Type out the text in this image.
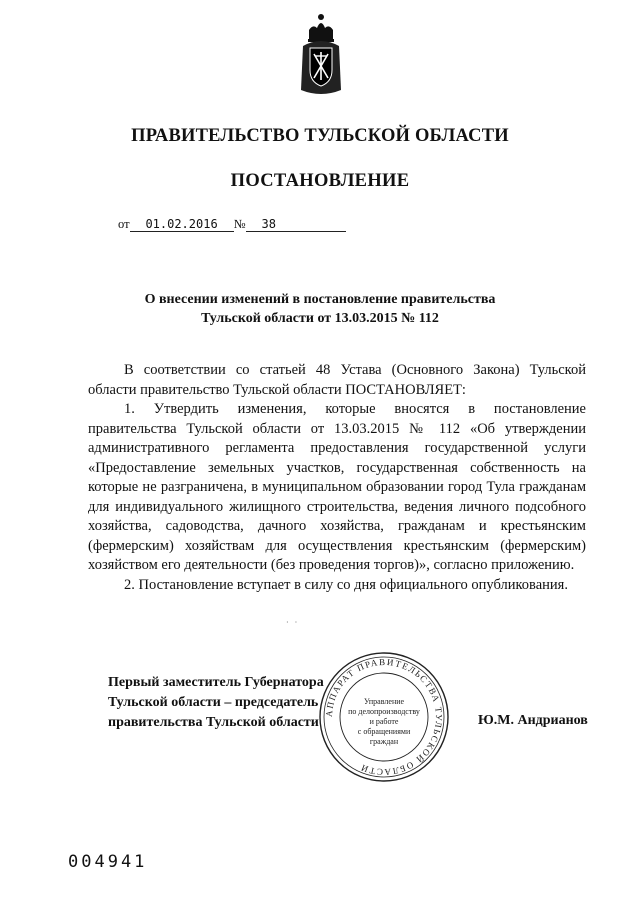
ПРАВИТЕЛЬСТВО ТУЛЬСКОЙ ОБЛАСТИ
ПОСТАНОВЛЕНИЕ
от 01.02.2016 № 38
О внесении изменений в постановление правительства
Тульской области от 13.03.2015 № 112

В соответствии со статьей 48 Устава (Основного Закона) Тульской области правительство Тульской области ПОСТАНОВЛЯЕТ:

1. Утвердить изменения, которые вносятся в постановление правительства Тульской области от 13.03.2015 № 112 «Об утверждении административного регламента предоставления государственной услуги «Предоставление земельных участков, государственная собственность на которые не разграничена, в муниципальном образовании город Тула гражданам для индивидуального жилищного строительства, ведения личного подсобного хозяйства, садоводства, дачного хозяйства, гражданам и крестьянским (фермерским) хозяйствам для осуществления крестьянским (фермерским) хозяйством его деятельности (без проведения торгов)», согласно приложению.

2. Постановление вступает в силу со дня официального опубликования.

·   ·
Первый заместитель Губернатора
Тульской области – председатель
правительства Тульской области
АППАРАТ ПРАВИТЕЛЬСТВА ТУЛЬСКОЙ ОБЛАСТИ
Управление
по делопроизводству
и работе
с обращениями
граждан
Ю.М. Андрианов
004941
